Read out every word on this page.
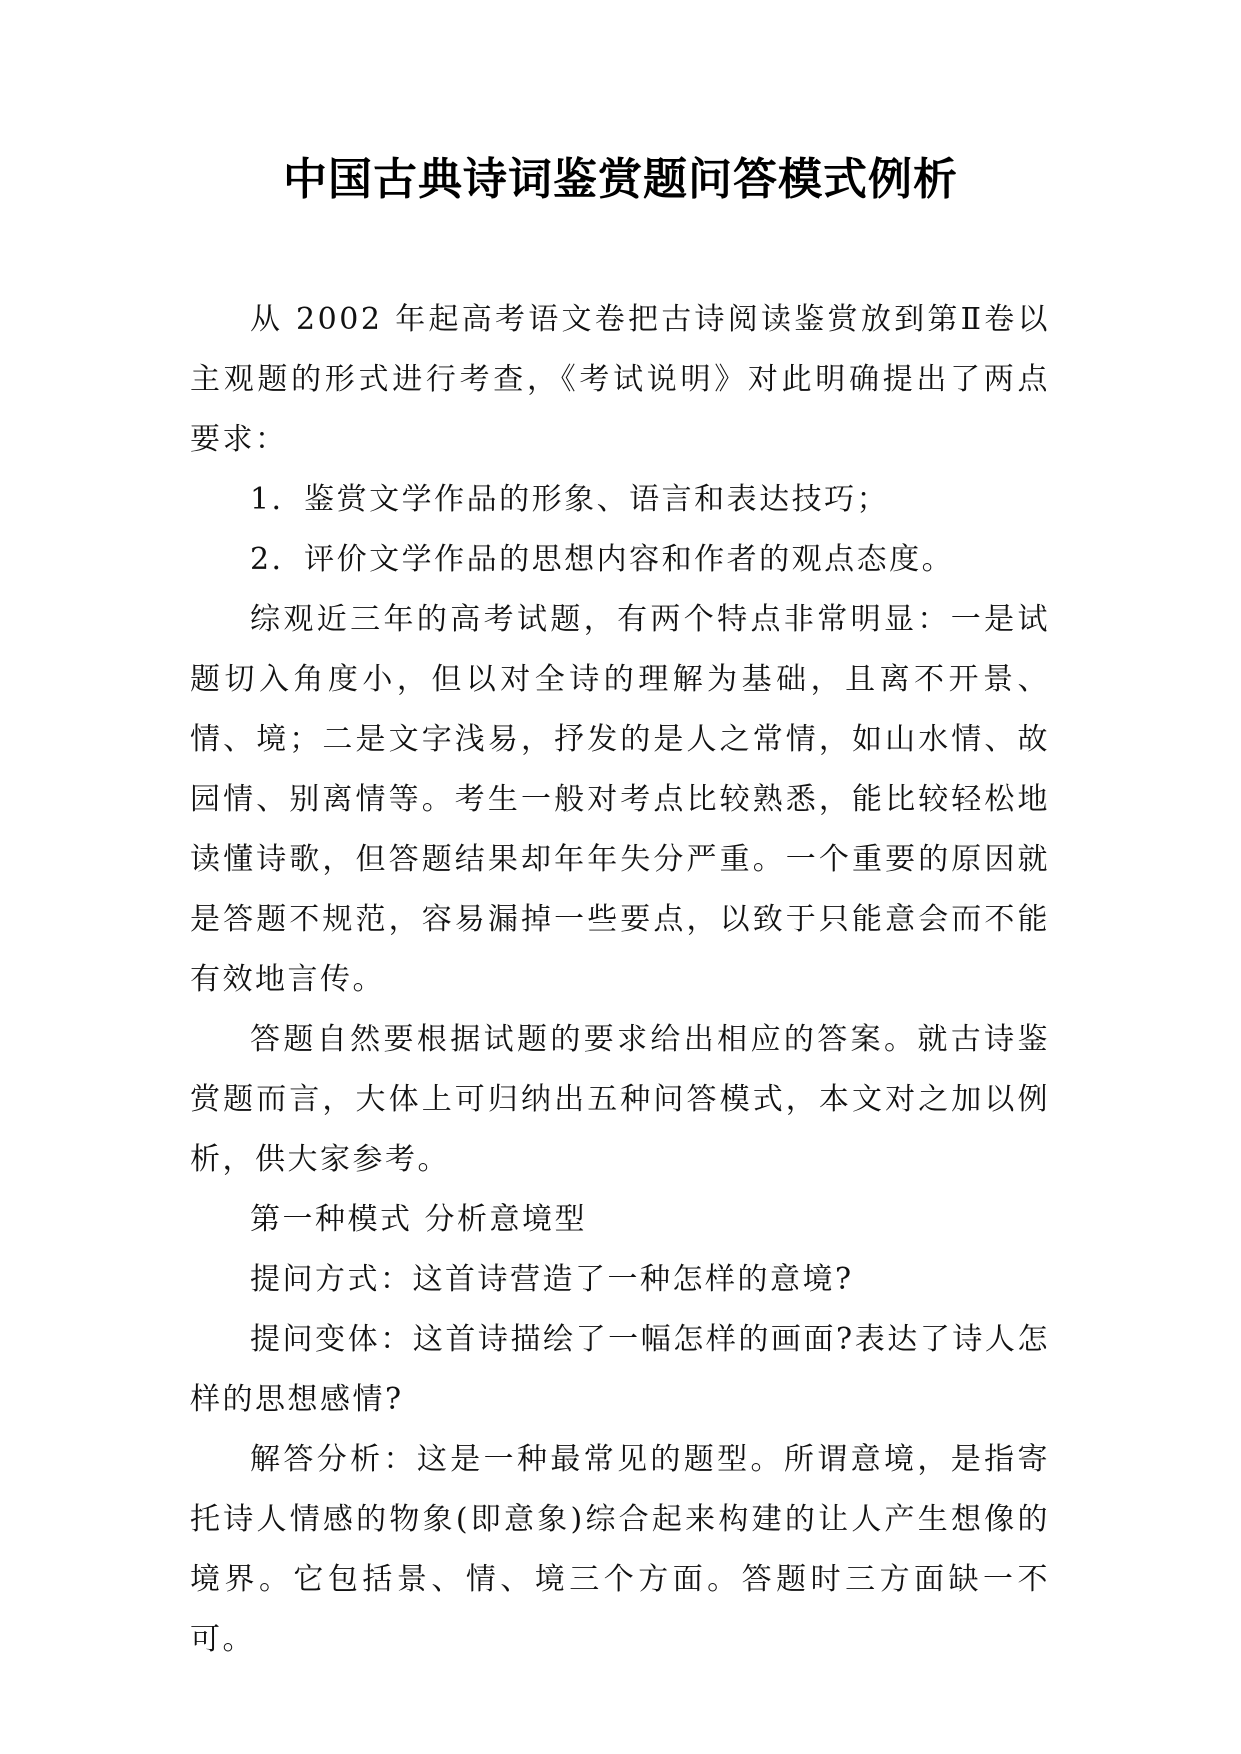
中国古典诗词鉴赏题问答模式例析

从 2002 年起高考语文卷把古诗阅读鉴赏放到第Ⅱ卷以主观题的形式进行考查，《考试说明》对此明确提出了两点要求：

1．鉴赏文学作品的形象、语言和表达技巧；

2．评价文学作品的思想内容和作者的观点态度。

综观近三年的高考试题，有两个特点非常明显：一是试题切入角度小，但以对全诗的理解为基础，且离不开景、情、境；二是文字浅易，抒发的是人之常情，如山水情、故园情、别离情等。考生一般对考点比较熟悉，能比较轻松地读懂诗歌，但答题结果却年年失分严重。一个重要的原因就是答题不规范，容易漏掉一些要点，以致于只能意会而不能有效地言传。

答题自然要根据试题的要求给出相应的答案。就古诗鉴赏题而言，大体上可归纳出五种问答模式，本文对之加以例析，供大家参考。

第一种模式 分析意境型

提问方式：这首诗营造了一种怎样的意境?

提问变体：这首诗描绘了一幅怎样的画面?表达了诗人怎样的思想感情?

解答分析：这是一种最常见的题型。所谓意境，是指寄托诗人情感的物象(即意象)综合起来构建的让人产生想像的境界。它包括景、情、境三个方面。答题时三方面缺一不可。
